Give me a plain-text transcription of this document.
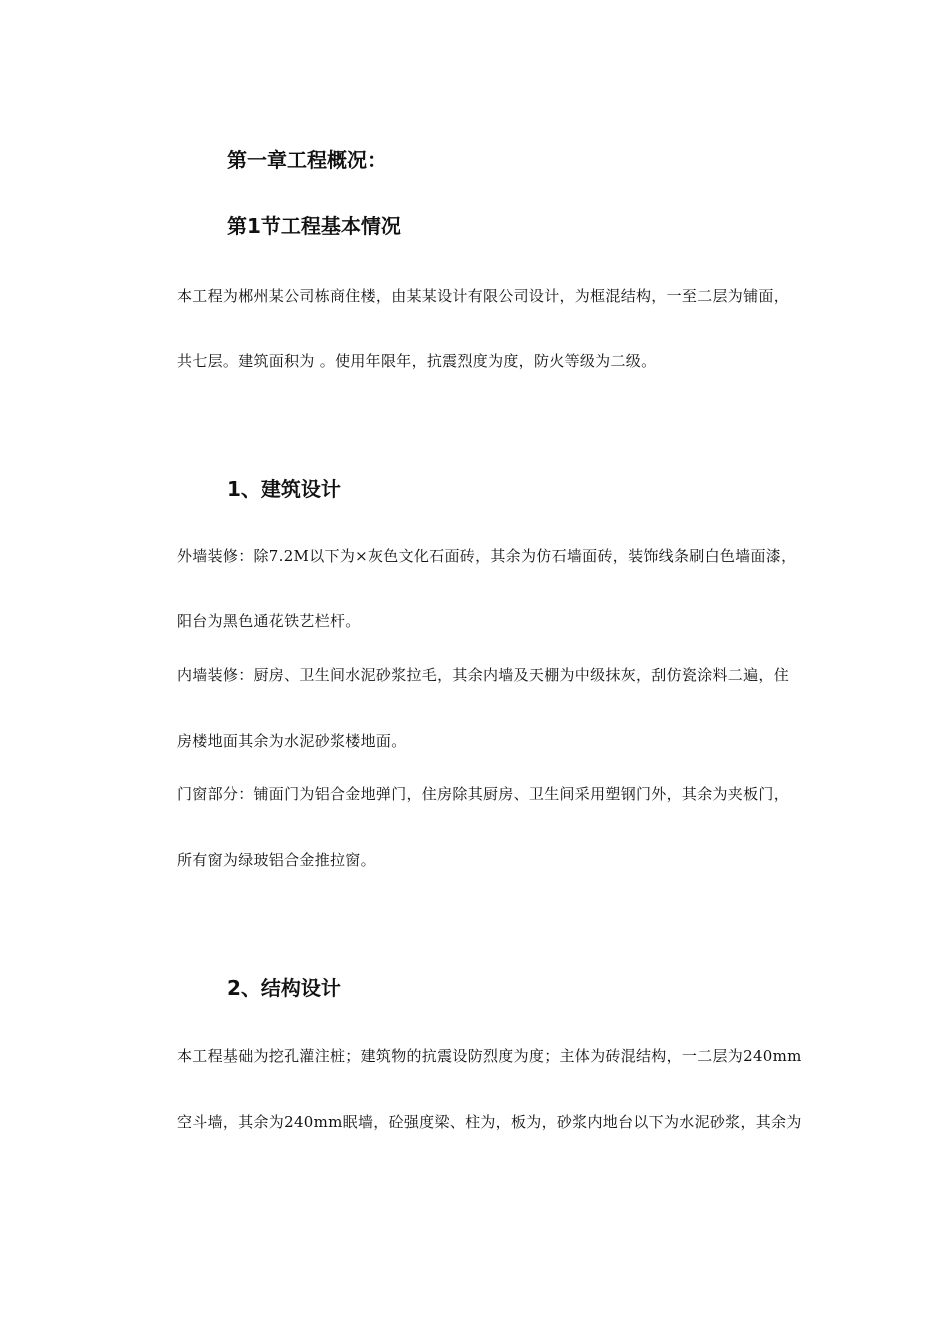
第一章工程概况：
第1节工程基本情况
本工程为郴州某公司栋商住楼，由某某设计有限公司设计，为框混结构，一至二层为铺面，
共七层。建筑面积为 。使用年限年，抗震烈度为度，防火等级为二级。
1、建筑设计
外墙装修：除7.2M以下为×灰色文化石面砖，其余为仿石墙面砖，装饰线条刷白色墙面漆，
阳台为黑色通花铁艺栏杆。
内墙装修：厨房、卫生间水泥砂浆拉毛，其余内墙及天棚为中级抹灰，刮仿瓷涂料二遍，住
房楼地面其余为水泥砂浆楼地面。
门窗部分：铺面门为铝合金地弹门，住房除其厨房、卫生间采用塑钢门外，其余为夹板门，
所有窗为绿玻铝合金推拉窗。
2、结构设计
本工程基础为挖孔灌注桩；建筑物的抗震设防烈度为度；主体为砖混结构，一二层为240mm
空斗墙，其余为240mm眠墙，砼强度梁、柱为，板为，砂浆内地台以下为水泥砂浆，其余为
